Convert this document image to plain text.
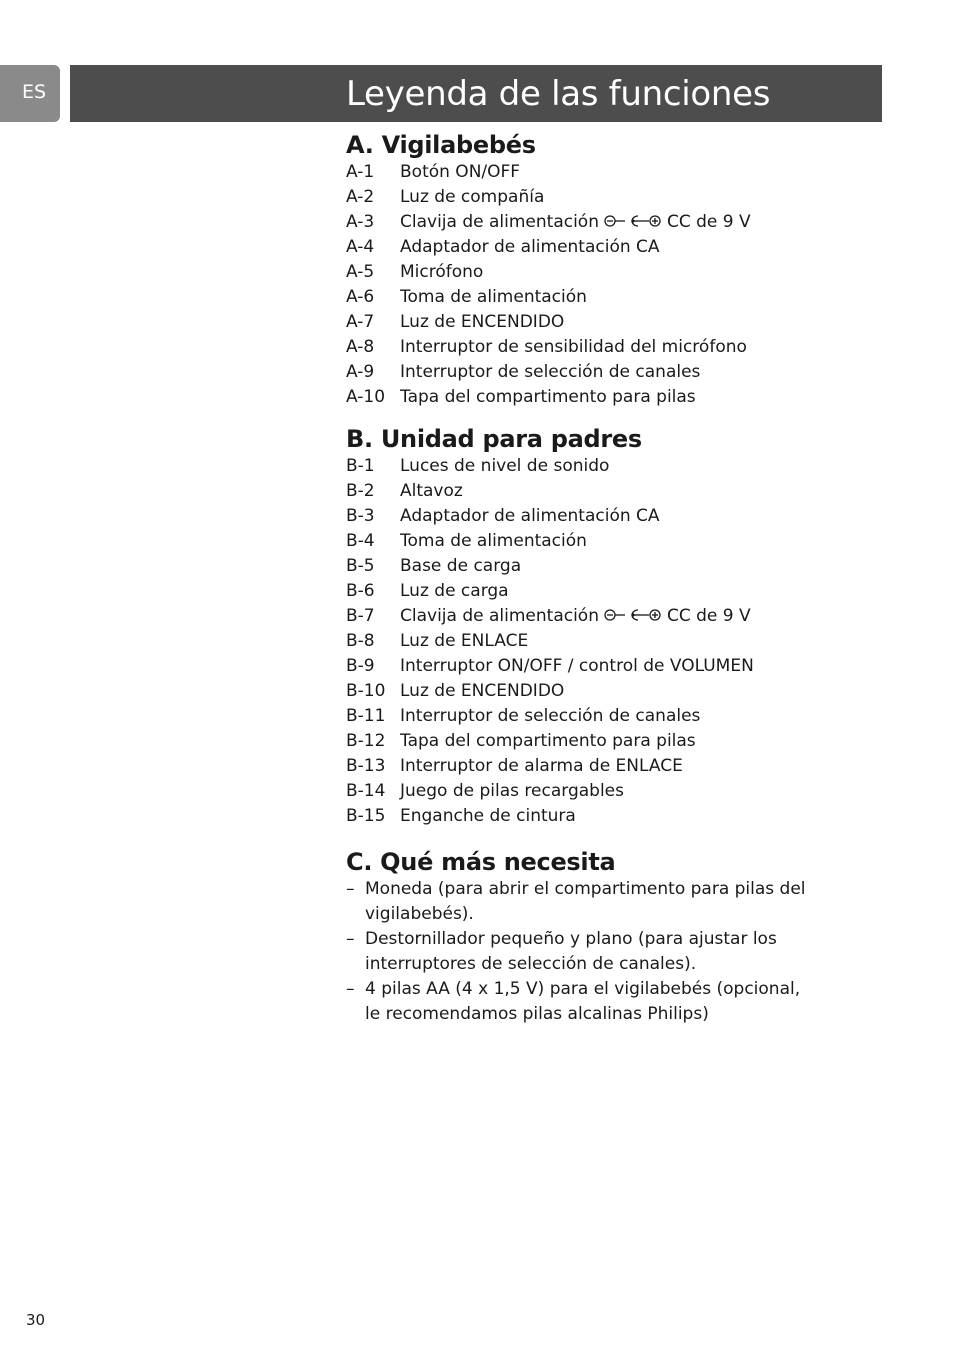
ES	Leyenda de las funciones
A. Vigilabebés
A-1 Botón ON/OFF
A-2 Luz de compañía
A-3 Clavija de alimentación	CC de 9 V
A-4 Adaptador de alimentación CA
A-5 Micrófono
A-6 Toma de alimentación
A-7 Luz de ENCENDIDO
A-8 Interruptor de sensibilidad del micrófono
A-9 Interruptor de selección de canales
A-10 Tapa del compartimento para pilas
B. Unidad para padres
B-1 Luces de nivel de sonido
B-2 Altavoz
B-3 Adaptador de alimentación CA
B-4 Toma de alimentación
B-5 Base de carga
B-6 Luz de carga
B-7 Clavija de alimentación	CC de 9 V
B-8 Luz de ENLACE
B-9 Interruptor ON/OFF / control de VOLUMEN
B-10 Luz de ENCENDIDO
B-11 Interruptor de selección de canales
B-12 Tapa del compartimento para pilas
B-13 Interruptor de alarma de ENLACE
B-14 Juego de pilas recargables
B-15 Enganche de cintura
C. Qué más necesita
– Moneda (para abrir el compartimento para pilas del vigilabebés).
– Destornillador pequeño y plano (para ajustar los interruptores de selección de canales).
– 4 pilas AA (4 x 1,5 V) para el vigilabebés (opcional, le recomendamos pilas alcalinas Philips)
30
